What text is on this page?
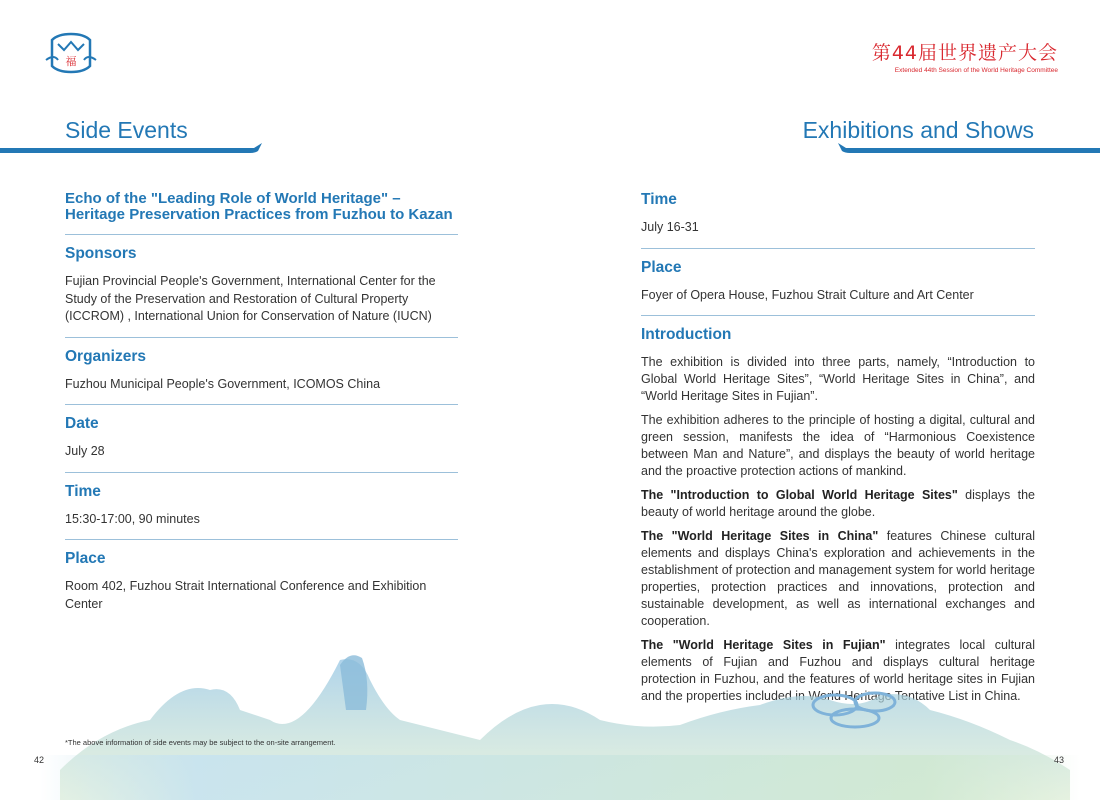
福	第44届世界遗产大会
Extended 44th Session of the World Heritage Committee
Side Events	Exhibitions and Shows
Echo of the "Leading Role of World Heritage" – Heritage Preservation Practices from Fuzhou to Kazan
Sponsors
Fujian Provincial People's Government, International Center for the Study of the Preservation and Restoration of Cultural Property (ICCROM) , International Union for Conservation of Nature (IUCN)
Organizers
Fuzhou Municipal People's Government, ICOMOS China
Date
July 28
Time
15:30-17:00, 90 minutes
Place
Room 402, Fuzhou Strait International Conference and Exhibition Center
Time
July 16-31
Place
Foyer of Opera House, Fuzhou Strait Culture and Art Center
Introduction

The exhibition is divided into three parts, namely, “Introduction to Global World Heritage Sites”, “World Heritage Sites in China”, and “World Heritage Sites in Fujian”.

The exhibition adheres to the principle of hosting a digital, cultural and green session, manifests the idea of “Harmonious Coexistence between Man and Nature”, and displays the beauty of world heritage and the proactive protection actions of mankind.

The "Introduction to Global World Heritage Sites" displays the beauty of world heritage around the globe.

The "World Heritage Sites in China" features Chinese cultural elements and displays China's exploration and achievements in the establishment of protection and management system for world heritage properties, protection practices and innovations, protection and sustainable development, as well as international exchanges and cooperation.

The "World Heritage Sites in Fujian" integrates local cultural elements of Fujian and Fuzhou and displays cultural heritage protection in Fuzhou, and the features of world heritage sites in Fujian and the properties included in World Heritage Tentative List in China.

*The above information of side events may be subject to the on-site arrangement.
42	43
